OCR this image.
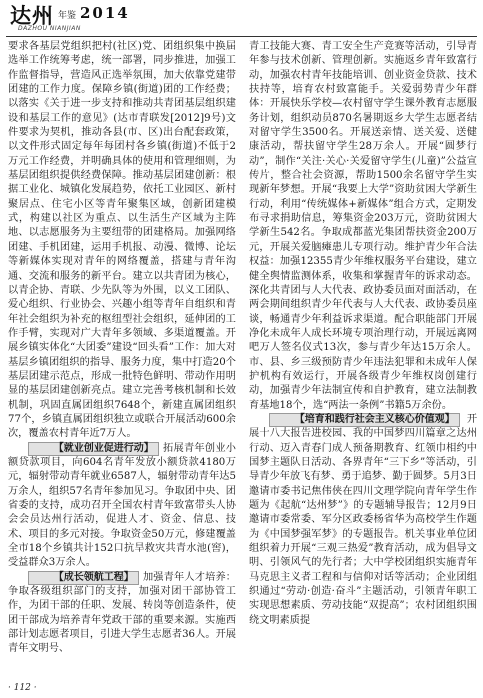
达州 年鉴 2014
DAZHOU NIANJIAN

要求各基层党组织把村(社区)党、团组织集中换届选举工作统筹考虑，统一部署，同步推进，加强工作监督指导，营造风正选举氛围，加大依靠党建带团建的工作力度。保障乡镇(街道)团的工作经费；以落实《关于进一步支持和推动共青团基层组织建设和基层工作的意见》(达市青联发[2012]9号)文件要求为契机，推动各县(市、区)出台配套政策，以文件形式固定每年每团村各乡镇(街道)不低于2万元工作经费，并明确具体的使用和管理细则，为基层团组织提供经费保障。推动基层团建创新：根据工业化、城镇化发展趋势，依托工业园区、新村聚居点、住宅小区等青年聚集区域，创新团建模式，构建以社区为重点、以生活生产区域为主阵地、以志愿服务为主要纽带的团建格局。加强网络团建、手机团建，运用手机报、动漫、微博、论坛等新媒体实现对青年的网络覆盖，搭建与青年沟通、交流和服务的新平台。建立以共青团为核心，以青企协、青联、少先队等为外围，以义工团队、爱心组织、行业协会、兴趣小组等青年自组织和青年社会组织为补充的枢纽型社会组织，延伸团的工作手臂，实现对广大青年多领域、多渠道覆盖。开展乡镇实体化“大团委”建设“回头看”工作：加大对基层乡镇团组织的指导、服务力度，集中打造20个基层团建示范点，形成一批特色鲜明、带动作用明显的基层团建创新亮点。建立完善考核机制和长效机制，巩固直属团组织7648个，新建直属团组织77个，乡镇直属团组织独立或联合开展活动600余次，覆盖农村青年近7万人。

【就业创业促进行动】 拓展青年创业小额贷款项目，向604名青年发放小额贷款4180万元，辐射带动青年就业6587人，辐射带动青年达5万余人，组织57名青年参加见习。争取团中央、团省委的支持，成功召开全国农村青年致富带头人协会会员达州行活动，促进人才、资金、信息、技术、项目的多元对接。争取资金50万元，修建覆盖全市18个乡镇共计152口抗旱救灾共青水池(窖)，受益群众3万余人。

【成长领航工程】 加强青年人才培养：争取各级组织部门的支持，加强对团干部协管工作，为团干部的任职、发展、转岗等创造条件，使团干部成为培养青年党政干部的重要来源。实施西部计划志愿者项目，引进大学生志愿者36人。开展青年文明号、

青工技能大赛、青工安全生产竞赛等活动，引导青年参与技术创新、管理创新。实施返乡青年致富行动，加强农村青年技能培训、创业资金贷款、技术扶持等，培育农村致富能手。关爱弱势青少年群体：开展快乐学校—农村留守学生课外教育志愿服务计划，组织动员870名暑期返乡大学生志愿者结对留守学生3500名。开展送亲情、送关爱、送健康活动，帮扶留守学生28万余人。开展“圆梦行动”，制作“关注·关心·关爱留守学生(儿童)”公益宣传片，整合社会资源，帮助1500余名留守学生实现新年梦想。开展“我要上大学”资助贫困大学新生行动，利用“传统媒体+新媒体”组合方式，定期发布寻求捐助信息，筹集资金203万元，资助贫困大学新生542名。争取成都蓝光集团帮扶资金200万元，开展关爱脑瘫患儿专项行动。维护青少年合法权益：加强12355青少年维权服务平台建设，建立健全舆情监测体系，收集和掌握青年的诉求动态。深化共青团与人大代表、政协委员面对面活动，在两会期间组织青少年代表与人大代表、政协委员座谈，畅通青少年利益诉求渠道。配合职能部门开展净化未成年人成长环境专项治理行动，开展远离网吧万人签名仪式13次，参与青少年达15万余人。市、县、乡三级预防青少年违法犯罪和未成年人保护机构有效运行，开展各级青少年维权岗创建行动，加强青少年法制宣传和自护教育，建立法制教育基地18个，选“两法一条例”书籍5万余份。

【培育和践行社会主义核心价值观】 开展十八大报告进校园、我的中国梦四川篇章之达州行动、迈入青春门成人预备期教育、红领巾相约中国梦主题队日活动、各界青年“三下乡”等活动，引导青少年放飞有梦、勇于追梦、勤于圆梦。5月3日邀请市委书记焦伟侠在四川文理学院向青年学生作题为《起航“达州梦”》的专题辅导报告；12月9日邀请市委常委、军分区政委杨省华为高校学生作题为《中国梦强军梦》的专题报告。机关事业单位团组织着力开展“三观三热爱”教育活动，成为倡导文明、引领风气的先行者；大中学校团组织实施青年马克思主义者工程和与信仰对话等活动；企业团组织通过“劳动·创造·奋斗”主题活动，引领青年职工实现思想素质、劳动技能“双提高”；农村团组织围绕文明素质提

· 112 ·
